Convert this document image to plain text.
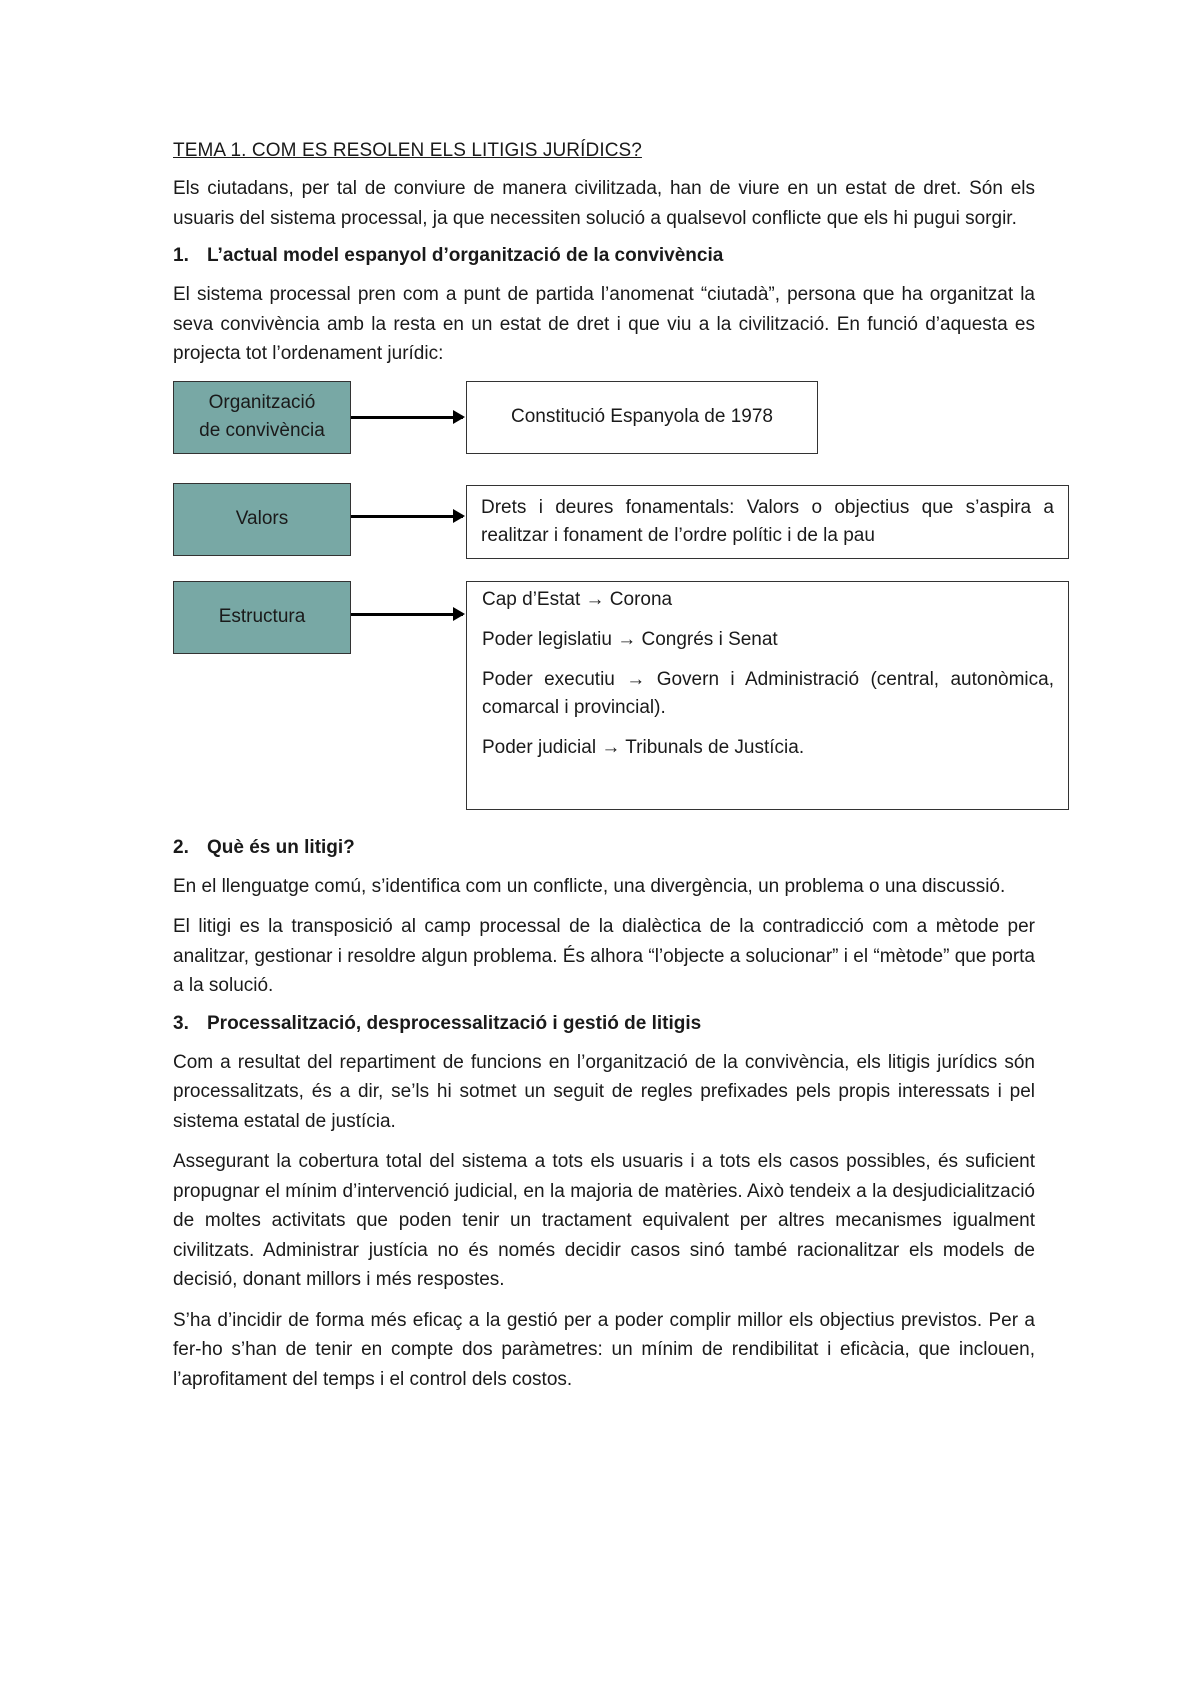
TEMA 1. COM ES RESOLEN ELS LITIGIS JURÍDICS?

Els ciutadans, per tal de conviure de manera civilitzada, han de viure en un estat de dret. Són els usuaris del sistema processal, ja que necessiten solució a qualsevol conflicte que els hi pugui sorgir.

1. L’actual model espanyol d’organització de la convivència

El sistema processal pren com a punt de partida l’anomenat “ciutadà”, persona que ha organitzat la seva convivència amb la resta en un estat de dret i que viu a la civilització. En funció d’aquesta es projecta tot l’ordenament jurídic:

Organització
de convivència
Constitució Espanyola de 1978
Valors
Drets i deures fonamentals: Valors o objectius que s’aspira a realitzar i fonament de l’ordre polític i de la pau
Estructura
Cap d’Estat → Corona
Poder legislatiu → Congrés i Senat
Poder executiu → Govern i Administració (central, autonòmica, comarcal i provincial).
Poder judicial → Tribunals de Justícia.
2. Què és un litigi?

En el llenguatge comú, s’identifica com un conflicte, una divergència, un problema o una discussió.

El litigi es la transposició al camp processal de la dialèctica de la contradicció com a mètode per analitzar, gestionar i resoldre algun problema. És alhora “l’objecte a solucionar” i el “mètode” que porta a la solució.

3. Processalització, desprocessalització i gestió de litigis

Com a resultat del repartiment de funcions en l’organització de la convivència, els litigis jurídics són processalitzats, és a dir, se’ls hi sotmet un seguit de regles prefixades pels propis interessats i pel sistema estatal de justícia.

Assegurant la cobertura total del sistema a tots els usuaris i a tots els casos possibles, és suficient propugnar el mínim d’intervenció judicial, en la majoria de matèries. Això tendeix a la desjudicialització de moltes activitats que poden tenir un tractament equivalent per altres mecanismes igualment civilitzats. Administrar justícia no és només decidir casos sinó també racionalitzar els models de decisió, donant millors i més respostes.

S’ha d’incidir de forma més eficaç a la gestió per a poder complir millor els objectius previstos. Per a fer-ho s’han de tenir en compte dos paràmetres: un mínim de rendibilitat i eficàcia, que inclouen, l’aprofitament del temps i el control dels costos.
